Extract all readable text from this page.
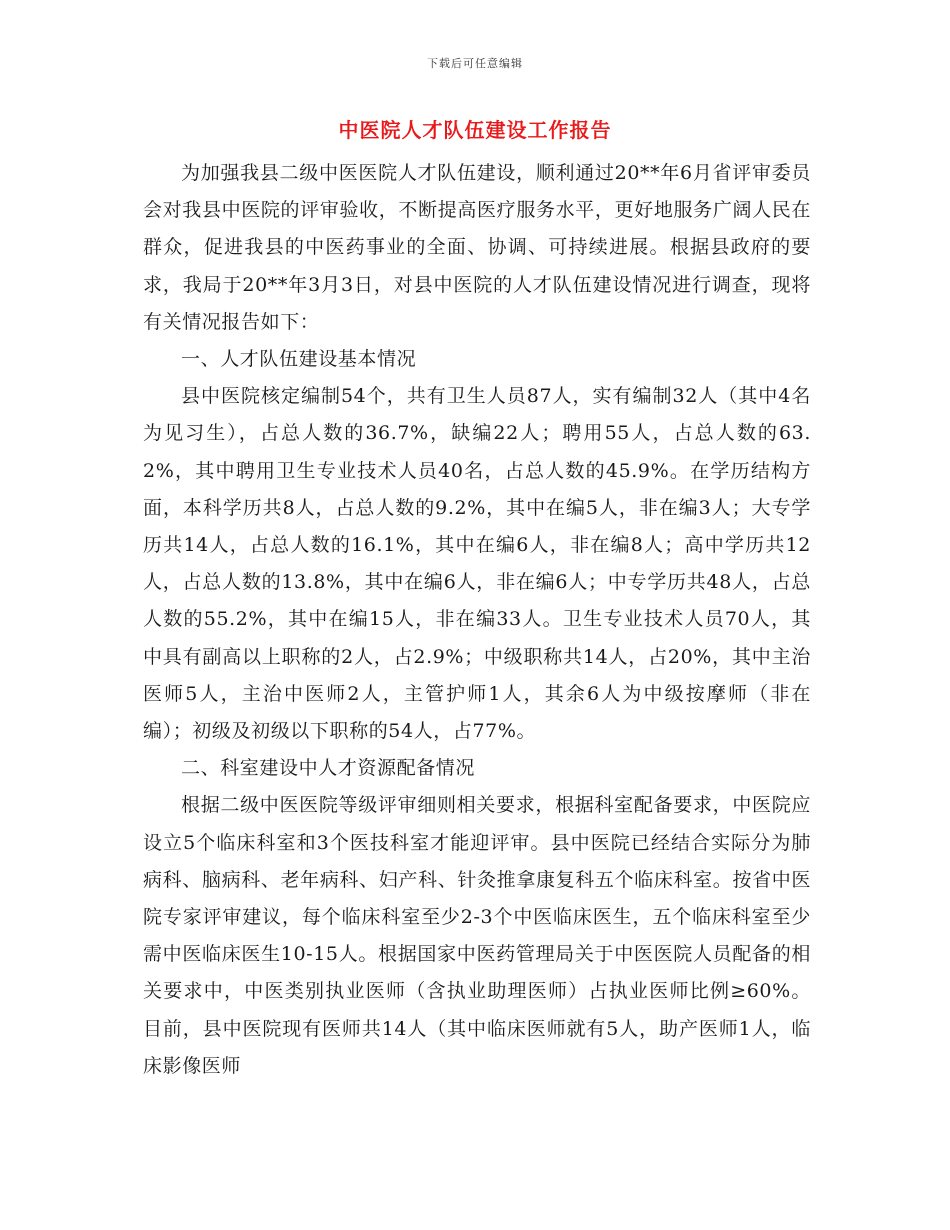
下载后可任意编辑
中医院人才队伍建设工作报告

为加强我县二级中医医院人才队伍建设，顺利通过20**年6月省评审委员会对我县中医院的评审验收，不断提高医疗服务水平，更好地服务广阔人民在群众，促进我县的中医药事业的全面、协调、可持续进展。根据县政府的要求，我局于20**年3月3日，对县中医院的人才队伍建设情况进行调查，现将有关情况报告如下：

一、人才队伍建设基本情况

县中医院核定编制54个，共有卫生人员87人，实有编制32人（其中4名为见习生），占总人数的36.7%，缺编22人；聘用55人，占总人数的63.2%，其中聘用卫生专业技术人员40名，占总人数的45.9%。在学历结构方面，本科学历共8人，占总人数的9.2%，其中在编5人，非在编3人；大专学历共14人，占总人数的16.1%，其中在编6人，非在编8人；高中学历共12人，占总人数的13.8%，其中在编6人，非在编6人；中专学历共48人，占总人数的55.2%，其中在编15人，非在编33人。卫生专业技术人员70人，其中具有副高以上职称的2人，占2.9%；中级职称共14人，占20%，其中主治医师5人，主治中医师2人，主管护师1人，其余6人为中级按摩师（非在编）；初级及初级以下职称的54人，占77%。

二、科室建设中人才资源配备情况

根据二级中医医院等级评审细则相关要求，根据科室配备要求，中医院应设立5个临床科室和3个医技科室才能迎评审。县中医院已经结合实际分为肺病科、脑病科、老年病科、妇产科、针灸推拿康复科五个临床科室。按省中医院专家评审建议，每个临床科室至少2-3个中医临床医生，五个临床科室至少需中医临床医生10-15人。根据国家中医药管理局关于中医医院人员配备的相关要求中，中医类别执业医师（含执业助理医师）占执业医师比例≥60%。目前，县中医院现有医师共14人（其中临床医师就有5人，助产医师1人，临床影像医师
